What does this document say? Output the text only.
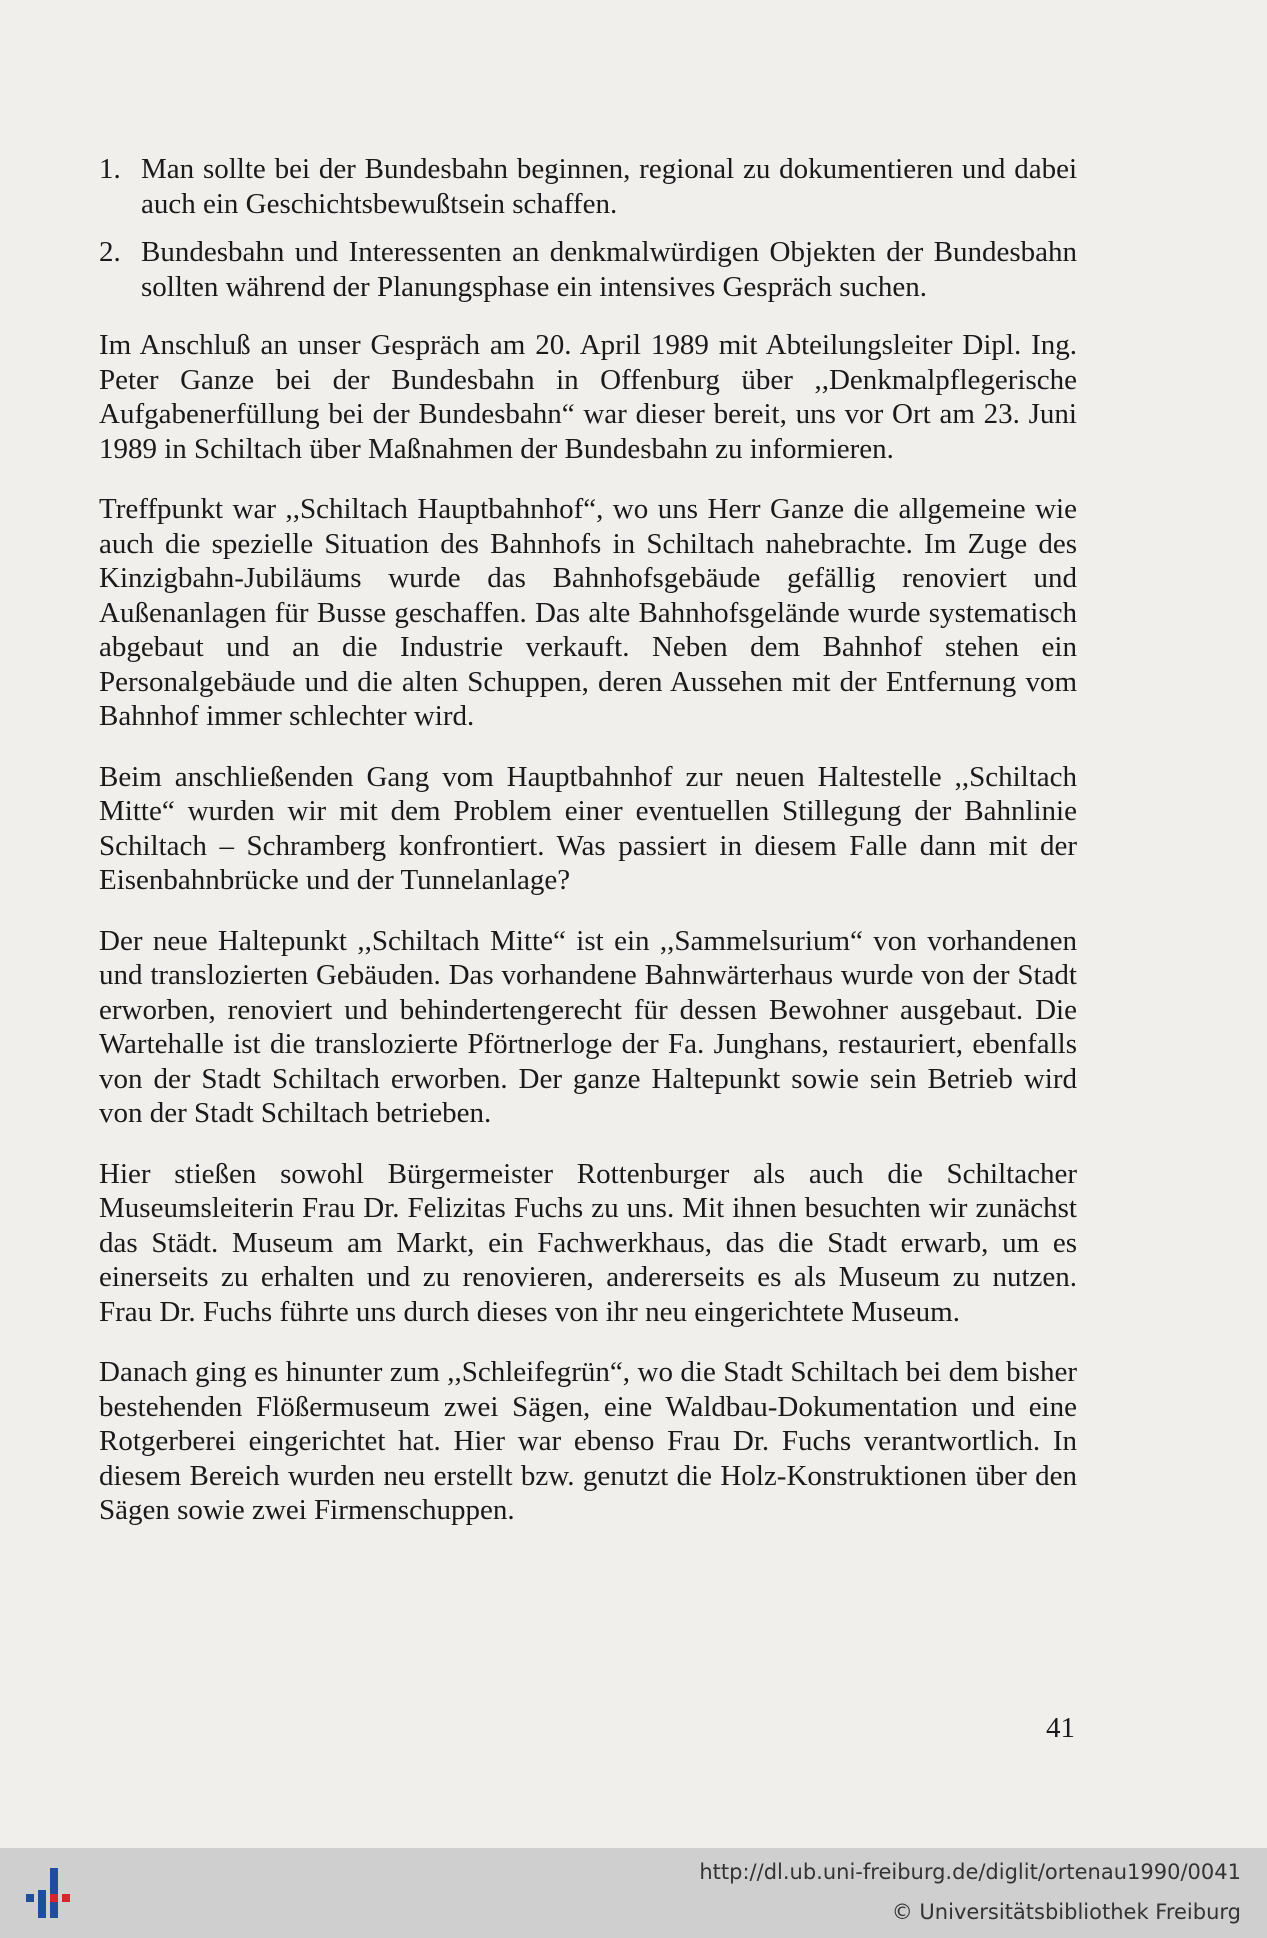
1. Man sollte bei der Bundesbahn beginnen, regional zu dokumentieren und dabei auch ein Geschichtsbewußtsein schaffen.
2. Bundesbahn und Interessenten an denkmalwürdigen Objekten der Bundesbahn sollten während der Planungsphase ein intensives Gespräch suchen.

Im Anschluß an unser Gespräch am 20. April 1989 mit Abteilungsleiter Dipl. Ing. Peter Ganze bei der Bundesbahn in Offenburg über ,,Denkmalpflegerische Aufgabenerfüllung bei der Bundesbahn“ war dieser bereit, uns vor Ort am 23. Juni 1989 in Schiltach über Maßnahmen der Bundesbahn zu informieren.

Treffpunkt war ,,Schiltach Hauptbahnhof“, wo uns Herr Ganze die allgemeine wie auch die spezielle Situation des Bahnhofs in Schiltach nahebrachte. Im Zuge des Kinzigbahn-Jubiläums wurde das Bahnhofsgebäude gefällig renoviert und Außenanlagen für Busse geschaffen. Das alte Bahnhofsgelände wurde systematisch abgebaut und an die Industrie verkauft. Neben dem Bahnhof stehen ein Personalgebäude und die alten Schuppen, deren Aussehen mit der Entfernung vom Bahnhof immer schlechter wird.

Beim anschließenden Gang vom Hauptbahnhof zur neuen Haltestelle ,,Schiltach Mitte“ wurden wir mit dem Problem einer eventuellen Stillegung der Bahnlinie Schiltach – Schramberg konfrontiert. Was passiert in diesem Falle dann mit der Eisenbahnbrücke und der Tunnelanlage?

Der neue Haltepunkt ,,Schiltach Mitte“ ist ein ,,Sammelsurium“ von vorhandenen und translozierten Gebäuden. Das vorhandene Bahnwärterhaus wurde von der Stadt erworben, renoviert und behindertengerecht für dessen Bewohner ausgebaut. Die Wartehalle ist die translozierte Pförtnerloge der Fa. Junghans, restauriert, ebenfalls von der Stadt Schiltach erworben. Der ganze Haltepunkt sowie sein Betrieb wird von der Stadt Schiltach betrieben.

Hier stießen sowohl Bürgermeister Rottenburger als auch die Schiltacher Museumsleiterin Frau Dr. Felizitas Fuchs zu uns. Mit ihnen besuchten wir zunächst das Städt. Museum am Markt, ein Fachwerkhaus, das die Stadt erwarb, um es einerseits zu erhalten und zu renovieren, andererseits es als Museum zu nutzen. Frau Dr. Fuchs führte uns durch dieses von ihr neu eingerichtete Museum.

Danach ging es hinunter zum ,,Schleifegrün“, wo die Stadt Schiltach bei dem bisher bestehenden Flößermuseum zwei Sägen, eine Waldbau-Dokumentation und eine Rotgerberei eingerichtet hat. Hier war ebenso Frau Dr. Fuchs verantwortlich. In diesem Bereich wurden neu erstellt bzw. genutzt die Holz-Konstruktionen über den Sägen sowie zwei Firmenschuppen.

41
http://dl.ub.uni-freiburg.de/diglit/ortenau1990/0041
© Universitätsbibliothek Freiburg
